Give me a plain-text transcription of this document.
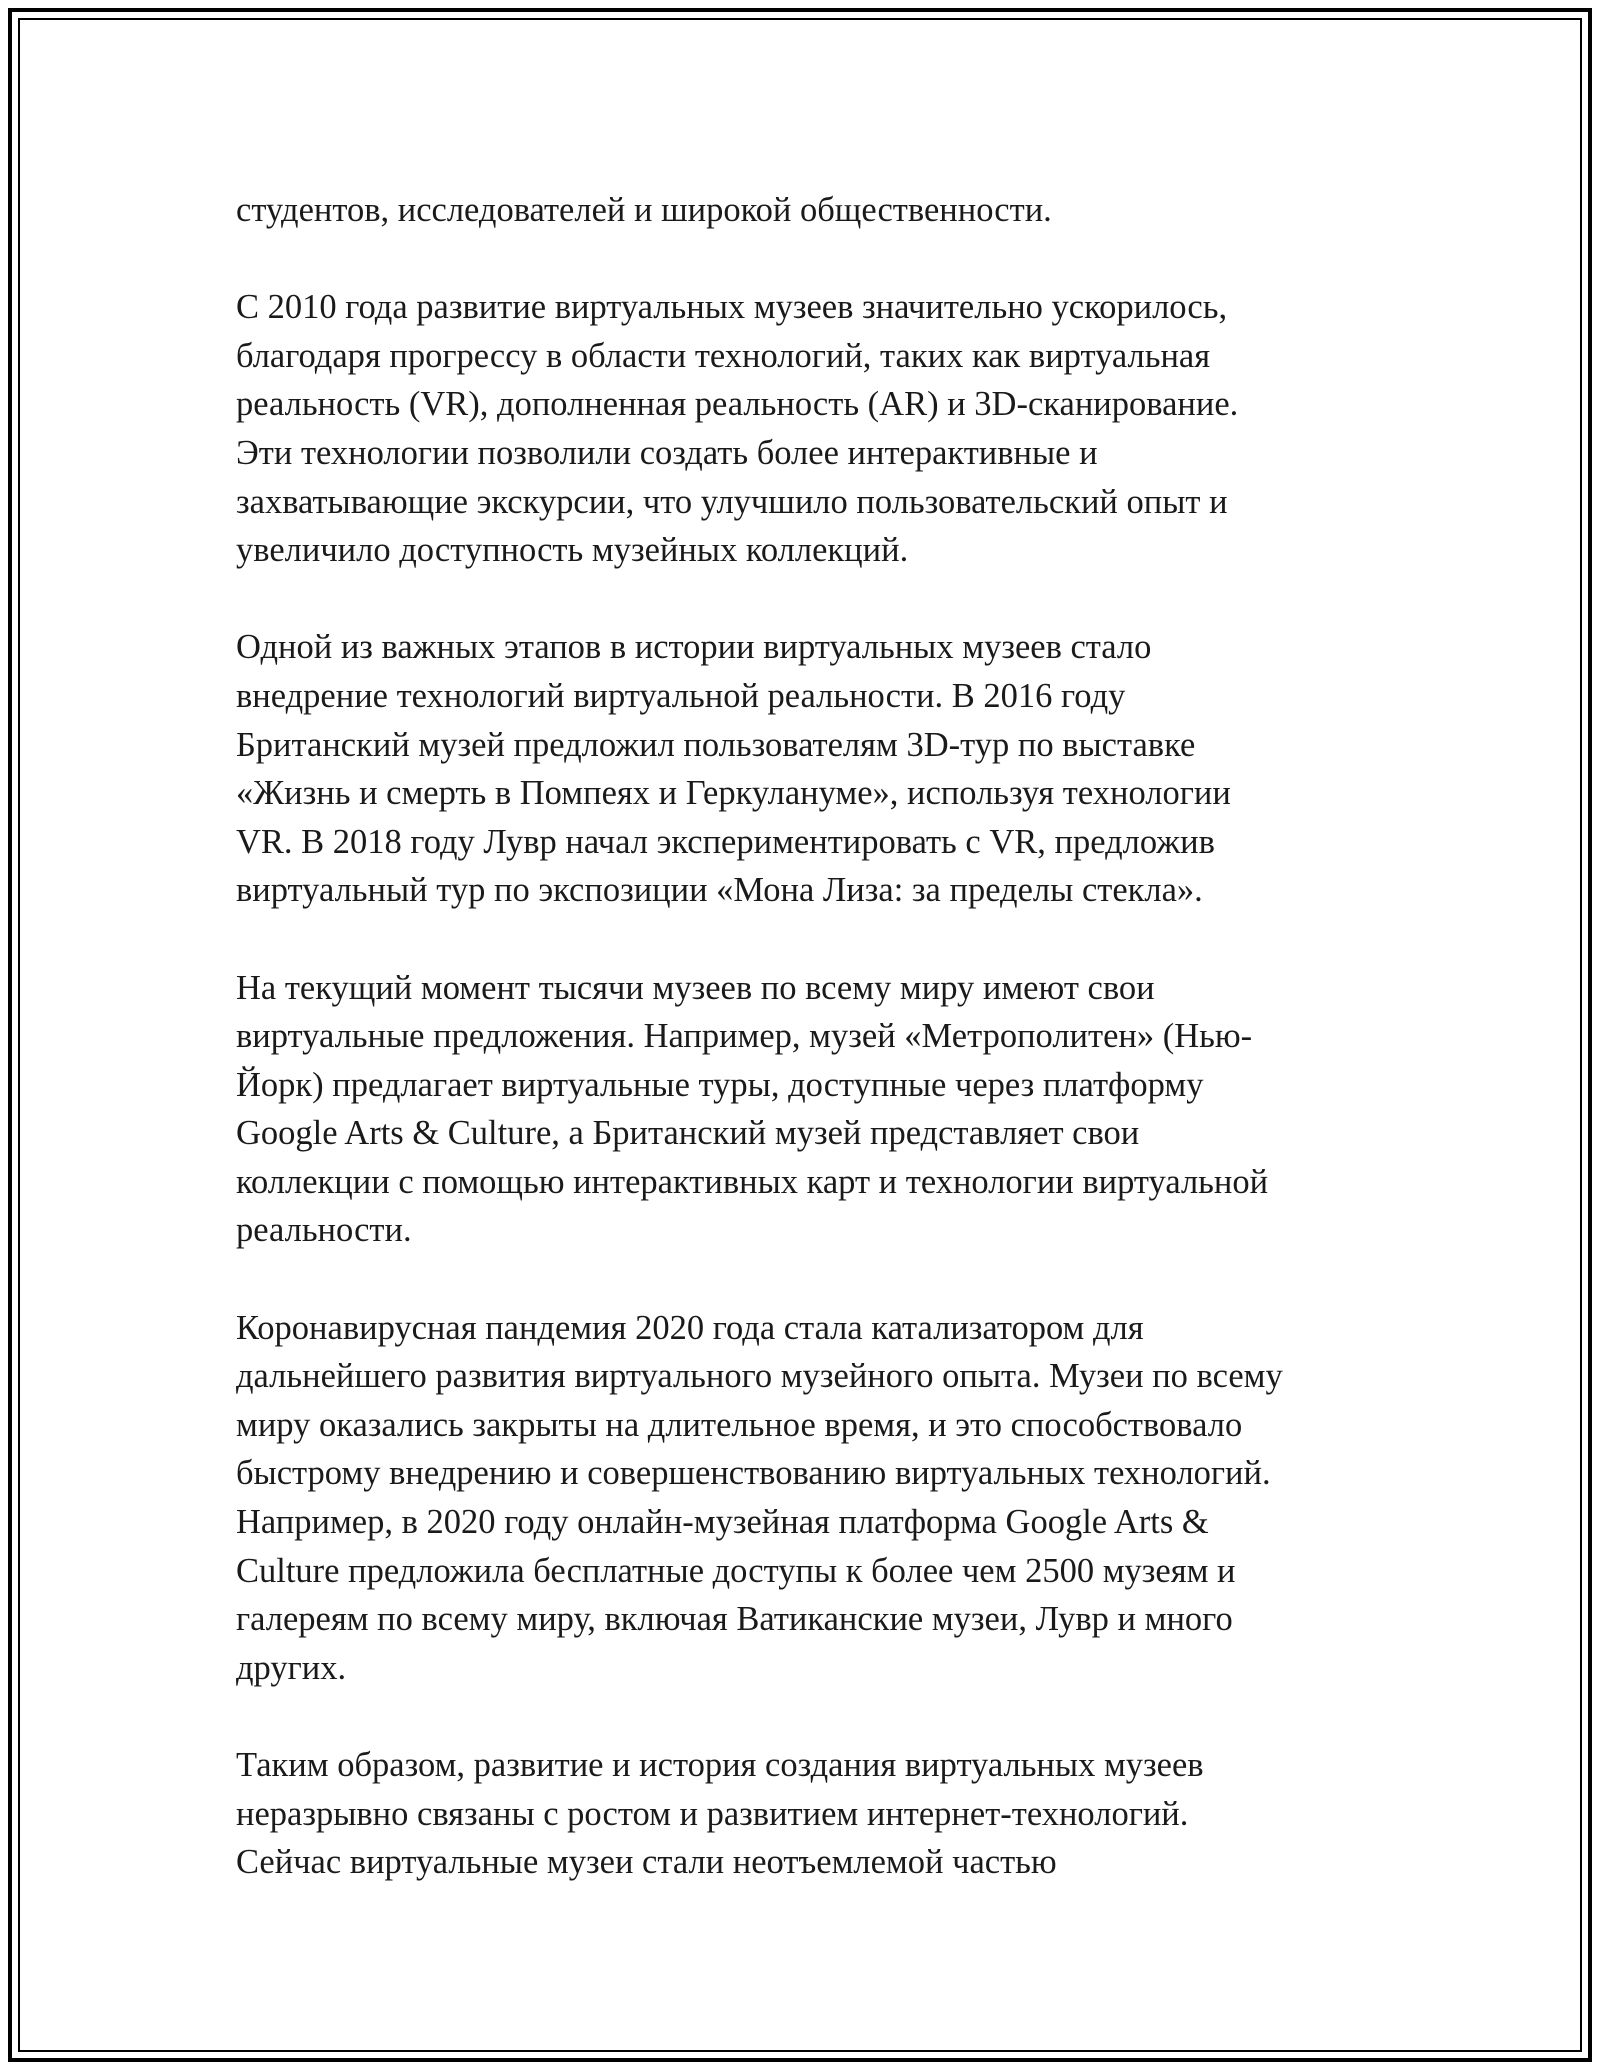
студентов, исследователей и широкой общественности.

С 2010 года развитие виртуальных музеев значительно ускорилось,
благодаря прогрессу в области технологий, таких как виртуальная
реальность (VR), дополненная реальность (AR) и 3D-сканирование.
Эти технологии позволили создать более интерактивные и
захватывающие экскурсии, что улучшило пользовательский опыт и
увеличило доступность музейных коллекций.

Одной из важных этапов в истории виртуальных музеев стало
внедрение технологий виртуальной реальности. В 2016 году
Британский музей предложил пользователям 3D-тур по выставке
«Жизнь и смерть в Помпеях и Геркулануме», используя технологии
VR. В 2018 году Лувр начал экспериментировать с VR, предложив
виртуальный тур по экспозиции «Мона Лиза: за пределы стекла».

На текущий момент тысячи музеев по всему миру имеют свои
виртуальные предложения. Например, музей «Метрополитен» (Нью-
Йорк) предлагает виртуальные туры, доступные через платформу
Google Arts & Culture, а Британский музей представляет свои
коллекции с помощью интерактивных карт и технологии виртуальной
реальности.

Коронавирусная пандемия 2020 года стала катализатором для
дальнейшего развития виртуального музейного опыта. Музеи по всему
миру оказались закрыты на длительное время, и это способствовало
быстрому внедрению и совершенствованию виртуальных технологий.
Например, в 2020 году онлайн-музейная платформа Google Arts &
Culture предложила бесплатные доступы к более чем 2500 музеям и
галереям по всему миру, включая Ватиканские музеи, Лувр и много
других.

Таким образом, развитие и история создания виртуальных музеев
неразрывно связаны с ростом и развитием интернет-технологий.
Сейчас виртуальные музеи стали неотъемлемой частью
